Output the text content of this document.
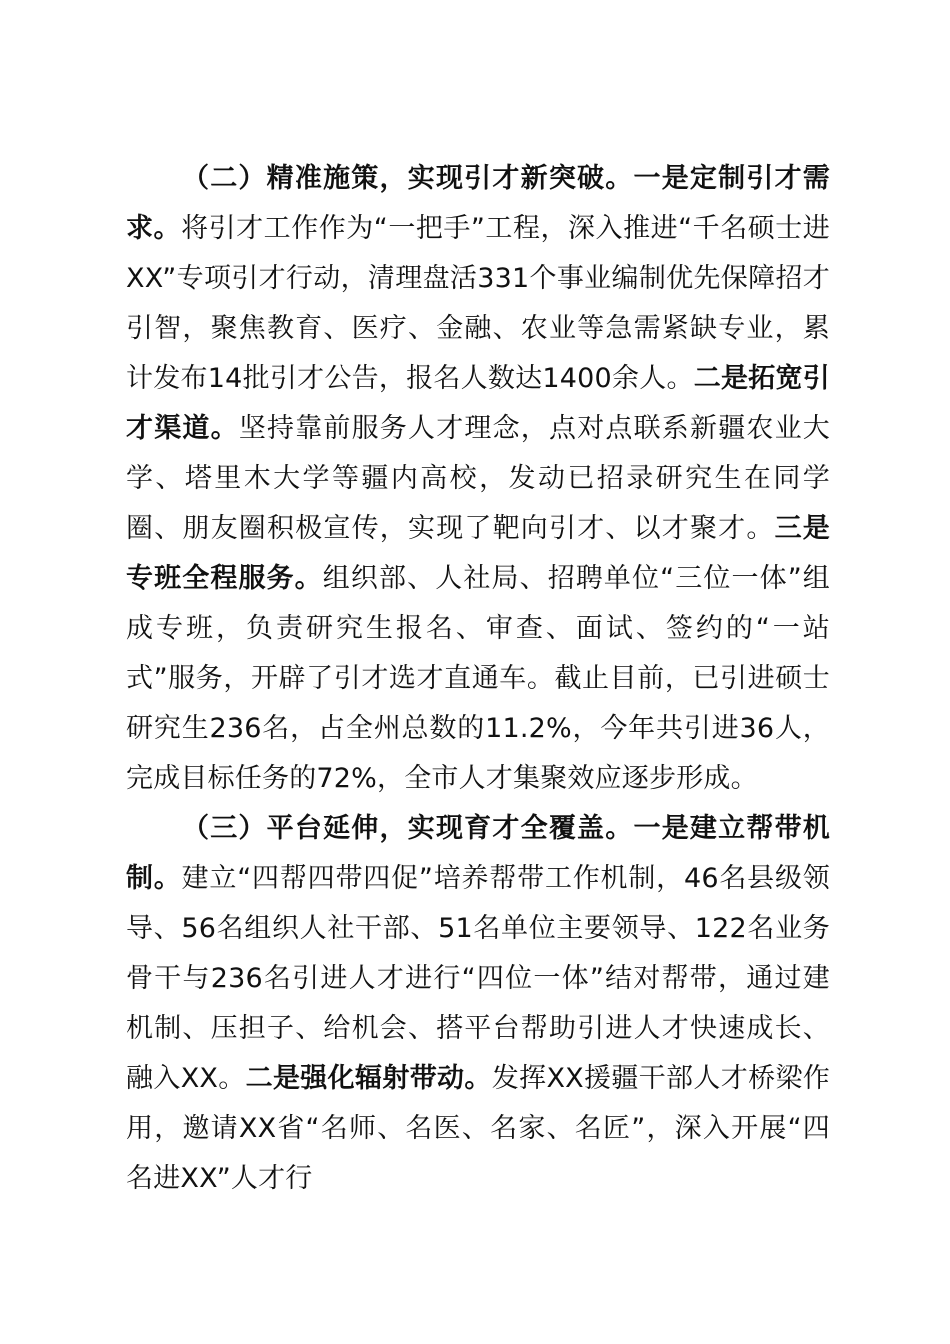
（二）精准施策，实现引才新突破。一是定制引才需求。将引才工作作为“一把手”工程，深入推进“千名硕士进XX”专项引才行动，清理盘活331个事业编制优先保障招才引智，聚焦教育、医疗、金融、农业等急需紧缺专业，累计发布14批引才公告，报名人数达1400余人。二是拓宽引才渠道。坚持靠前服务人才理念，点对点联系新疆农业大学、塔里木大学等疆内高校，发动已招录研究生在同学圈、朋友圈积极宣传，实现了靶向引才、以才聚才。三是专班全程服务。组织部、人社局、招聘单位“三位一体”组成专班，负责研究生报名、审查、面试、签约的“一站式”服务，开辟了引才选才直通车。截止目前，已引进硕士研究生236名，占全州总数的11.2%，今年共引进36人，完成目标任务的72%，全市人才集聚效应逐步形成。

（三）平台延伸，实现育才全覆盖。一是建立帮带机制。建立“四帮四带四促”培养帮带工作机制，46名县级领导、56名组织人社干部、51名单位主要领导、122名业务骨干与236名引进人才进行“四位一体”结对帮带，通过建机制、压担子、给机会、搭平台帮助引进人才快速成长、融入XX。二是强化辐射带动。发挥XX援疆干部人才桥梁作用，邀请XX省“名师、名医、名家、名匠”，深入开展“四名进XX”人才行
